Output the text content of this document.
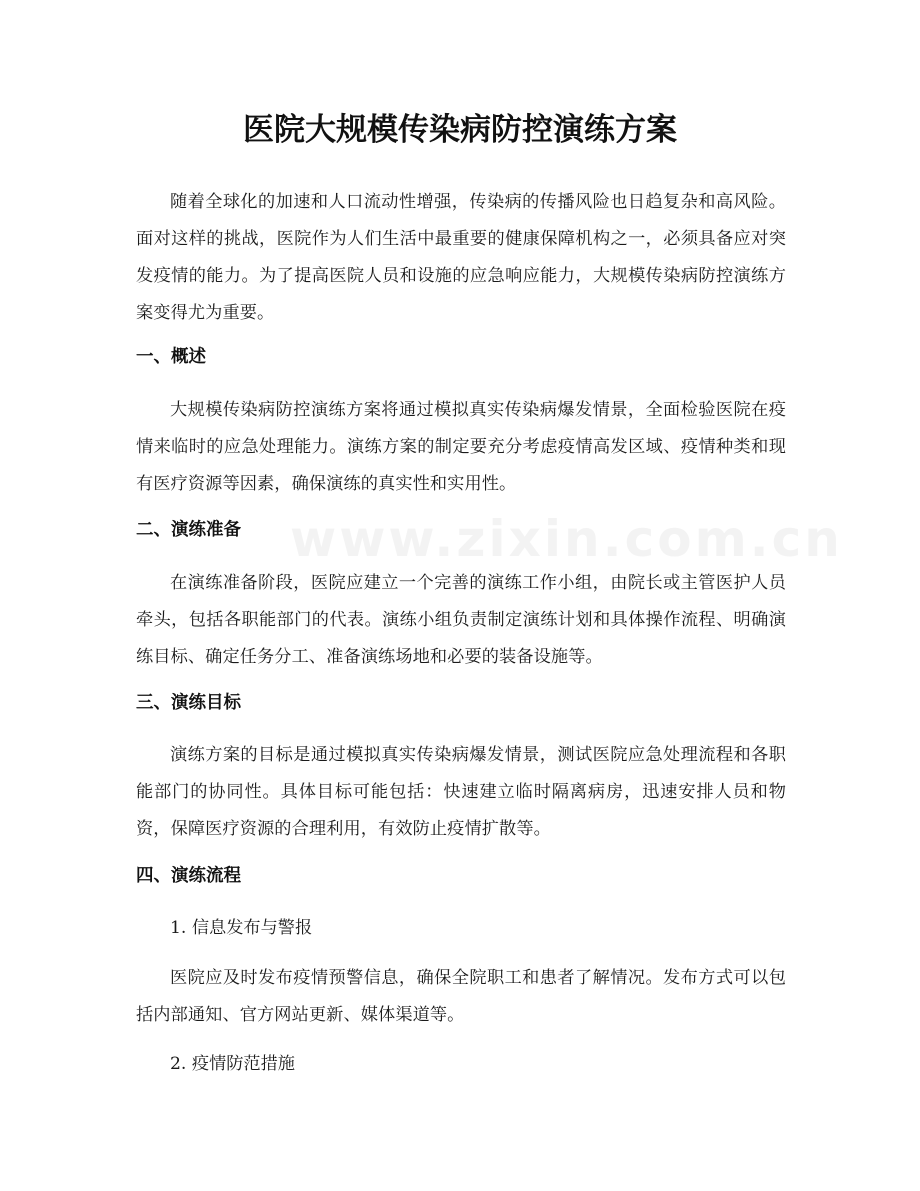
www.zixin.com.cn
医院大规模传染病防控演练方案

随着全球化的加速和人口流动性增强，传染病的传播风险也日趋复杂和高风险。面对这样的挑战，医院作为人们生活中最重要的健康保障机构之一，必须具备应对突发疫情的能力。为了提高医院人员和设施的应急响应能力，大规模传染病防控演练方案变得尤为重要。

一、概述

大规模传染病防控演练方案将通过模拟真实传染病爆发情景，全面检验医院在疫情来临时的应急处理能力。演练方案的制定要充分考虑疫情高发区域、疫情种类和现有医疗资源等因素，确保演练的真实性和实用性。

二、演练准备

在演练准备阶段，医院应建立一个完善的演练工作小组，由院长或主管医护人员牵头，包括各职能部门的代表。演练小组负责制定演练计划和具体操作流程、明确演练目标、确定任务分工、准备演练场地和必要的装备设施等。

三、演练目标

演练方案的目标是通过模拟真实传染病爆发情景，测试医院应急处理流程和各职能部门的协同性。具体目标可能包括：快速建立临时隔离病房，迅速安排人员和物资，保障医疗资源的合理利用，有效防止疫情扩散等。

四、演练流程

1. 信息发布与警报

医院应及时发布疫情预警信息，确保全院职工和患者了解情况。发布方式可以包括内部通知、官方网站更新、媒体渠道等。

2. 疫情防范措施
